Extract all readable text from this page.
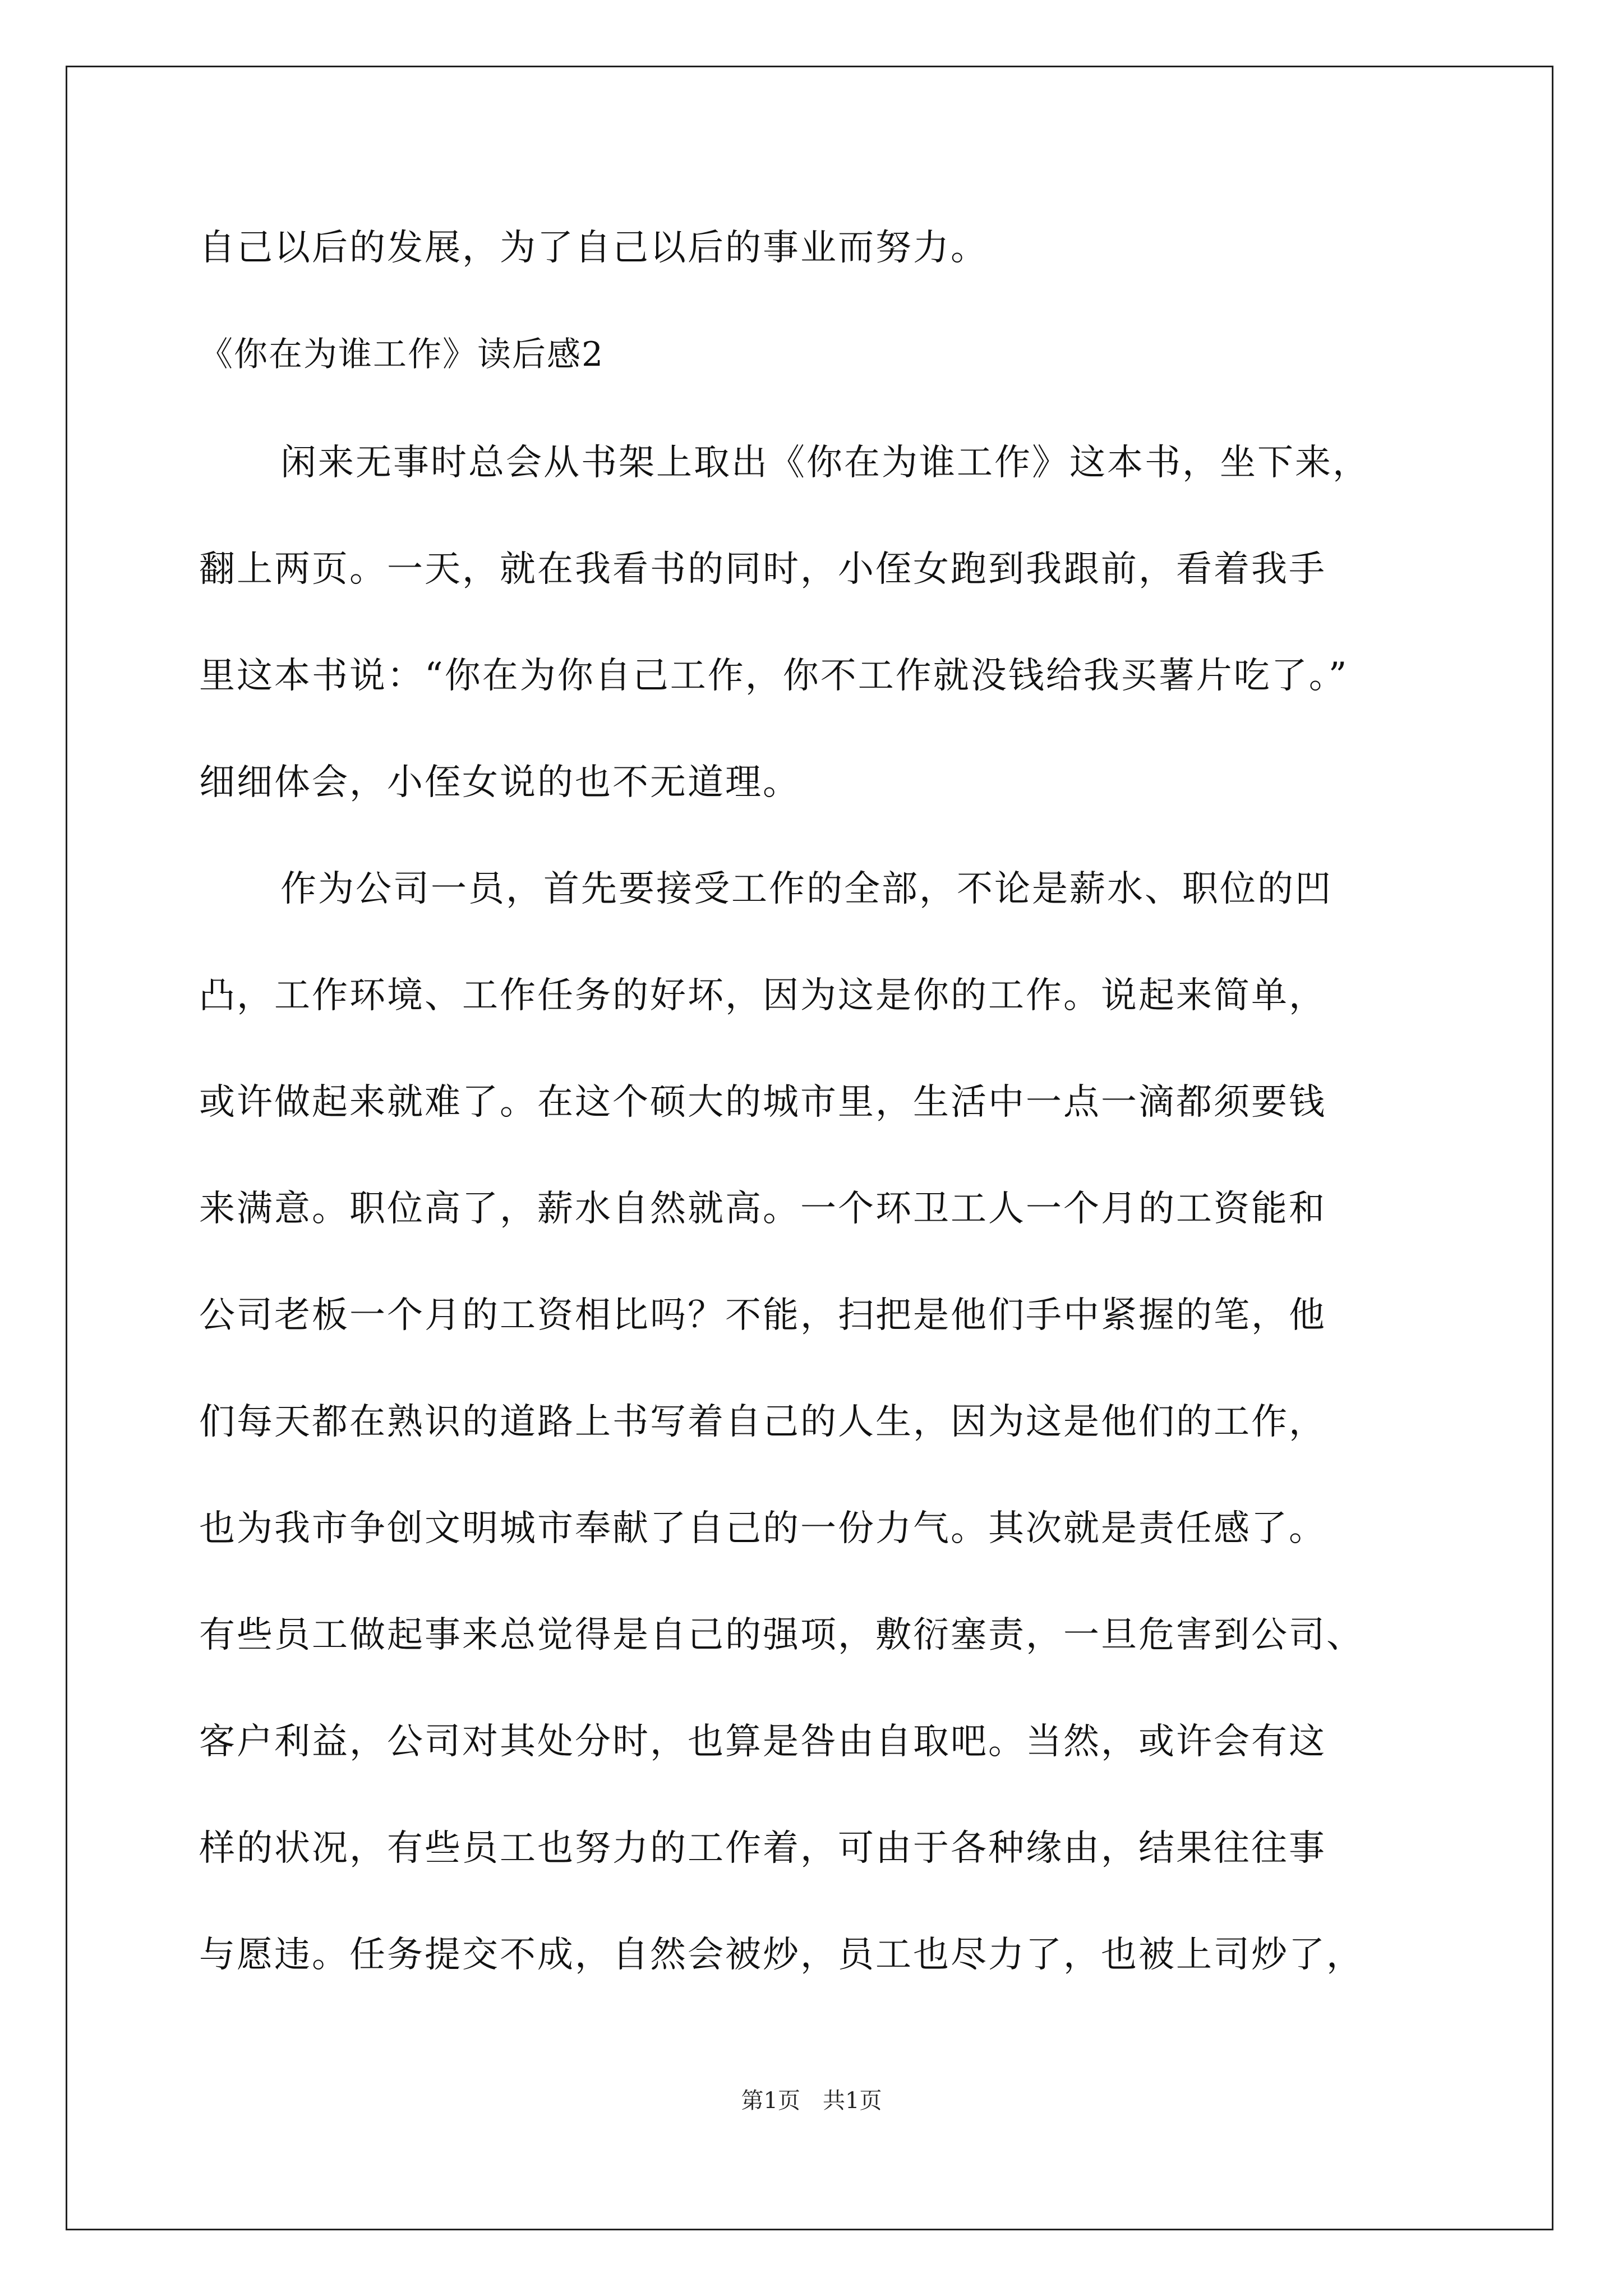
自己以后的发展，为了自己以后的事业而努力。
《你在为谁工作》读后感2
闲来无事时总会从书架上取出《你在为谁工作》这本书，坐下来，
翻上两页。一天，就在我看书的同时，小侄女跑到我跟前，看着我手
里这本书说：“你在为你自己工作，你不工作就没钱给我买薯片吃了。”
细细体会，小侄女说的也不无道理。
作为公司一员，首先要接受工作的全部，不论是薪水、职位的凹
凸，工作环境、工作任务的好坏，因为这是你的工作。说起来简单，
或许做起来就难了。在这个硕大的城市里，生活中一点一滴都须要钱
来满意。职位高了，薪水自然就高。一个环卫工人一个月的工资能和
公司老板一个月的工资相比吗？不能，扫把是他们手中紧握的笔，他
们每天都在熟识的道路上书写着自己的人生，因为这是他们的工作，
也为我市争创文明城市奉献了自己的一份力气。其次就是责任感了。
有些员工做起事来总觉得是自己的强项，敷衍塞责，一旦危害到公司、
客户利益，公司对其处分时，也算是咎由自取吧。当然，或许会有这
样的状况，有些员工也努力的工作着，可由于各种缘由，结果往往事
与愿违。任务提交不成，自然会被炒，员工也尽力了，也被上司炒了，
第1页　共1页
